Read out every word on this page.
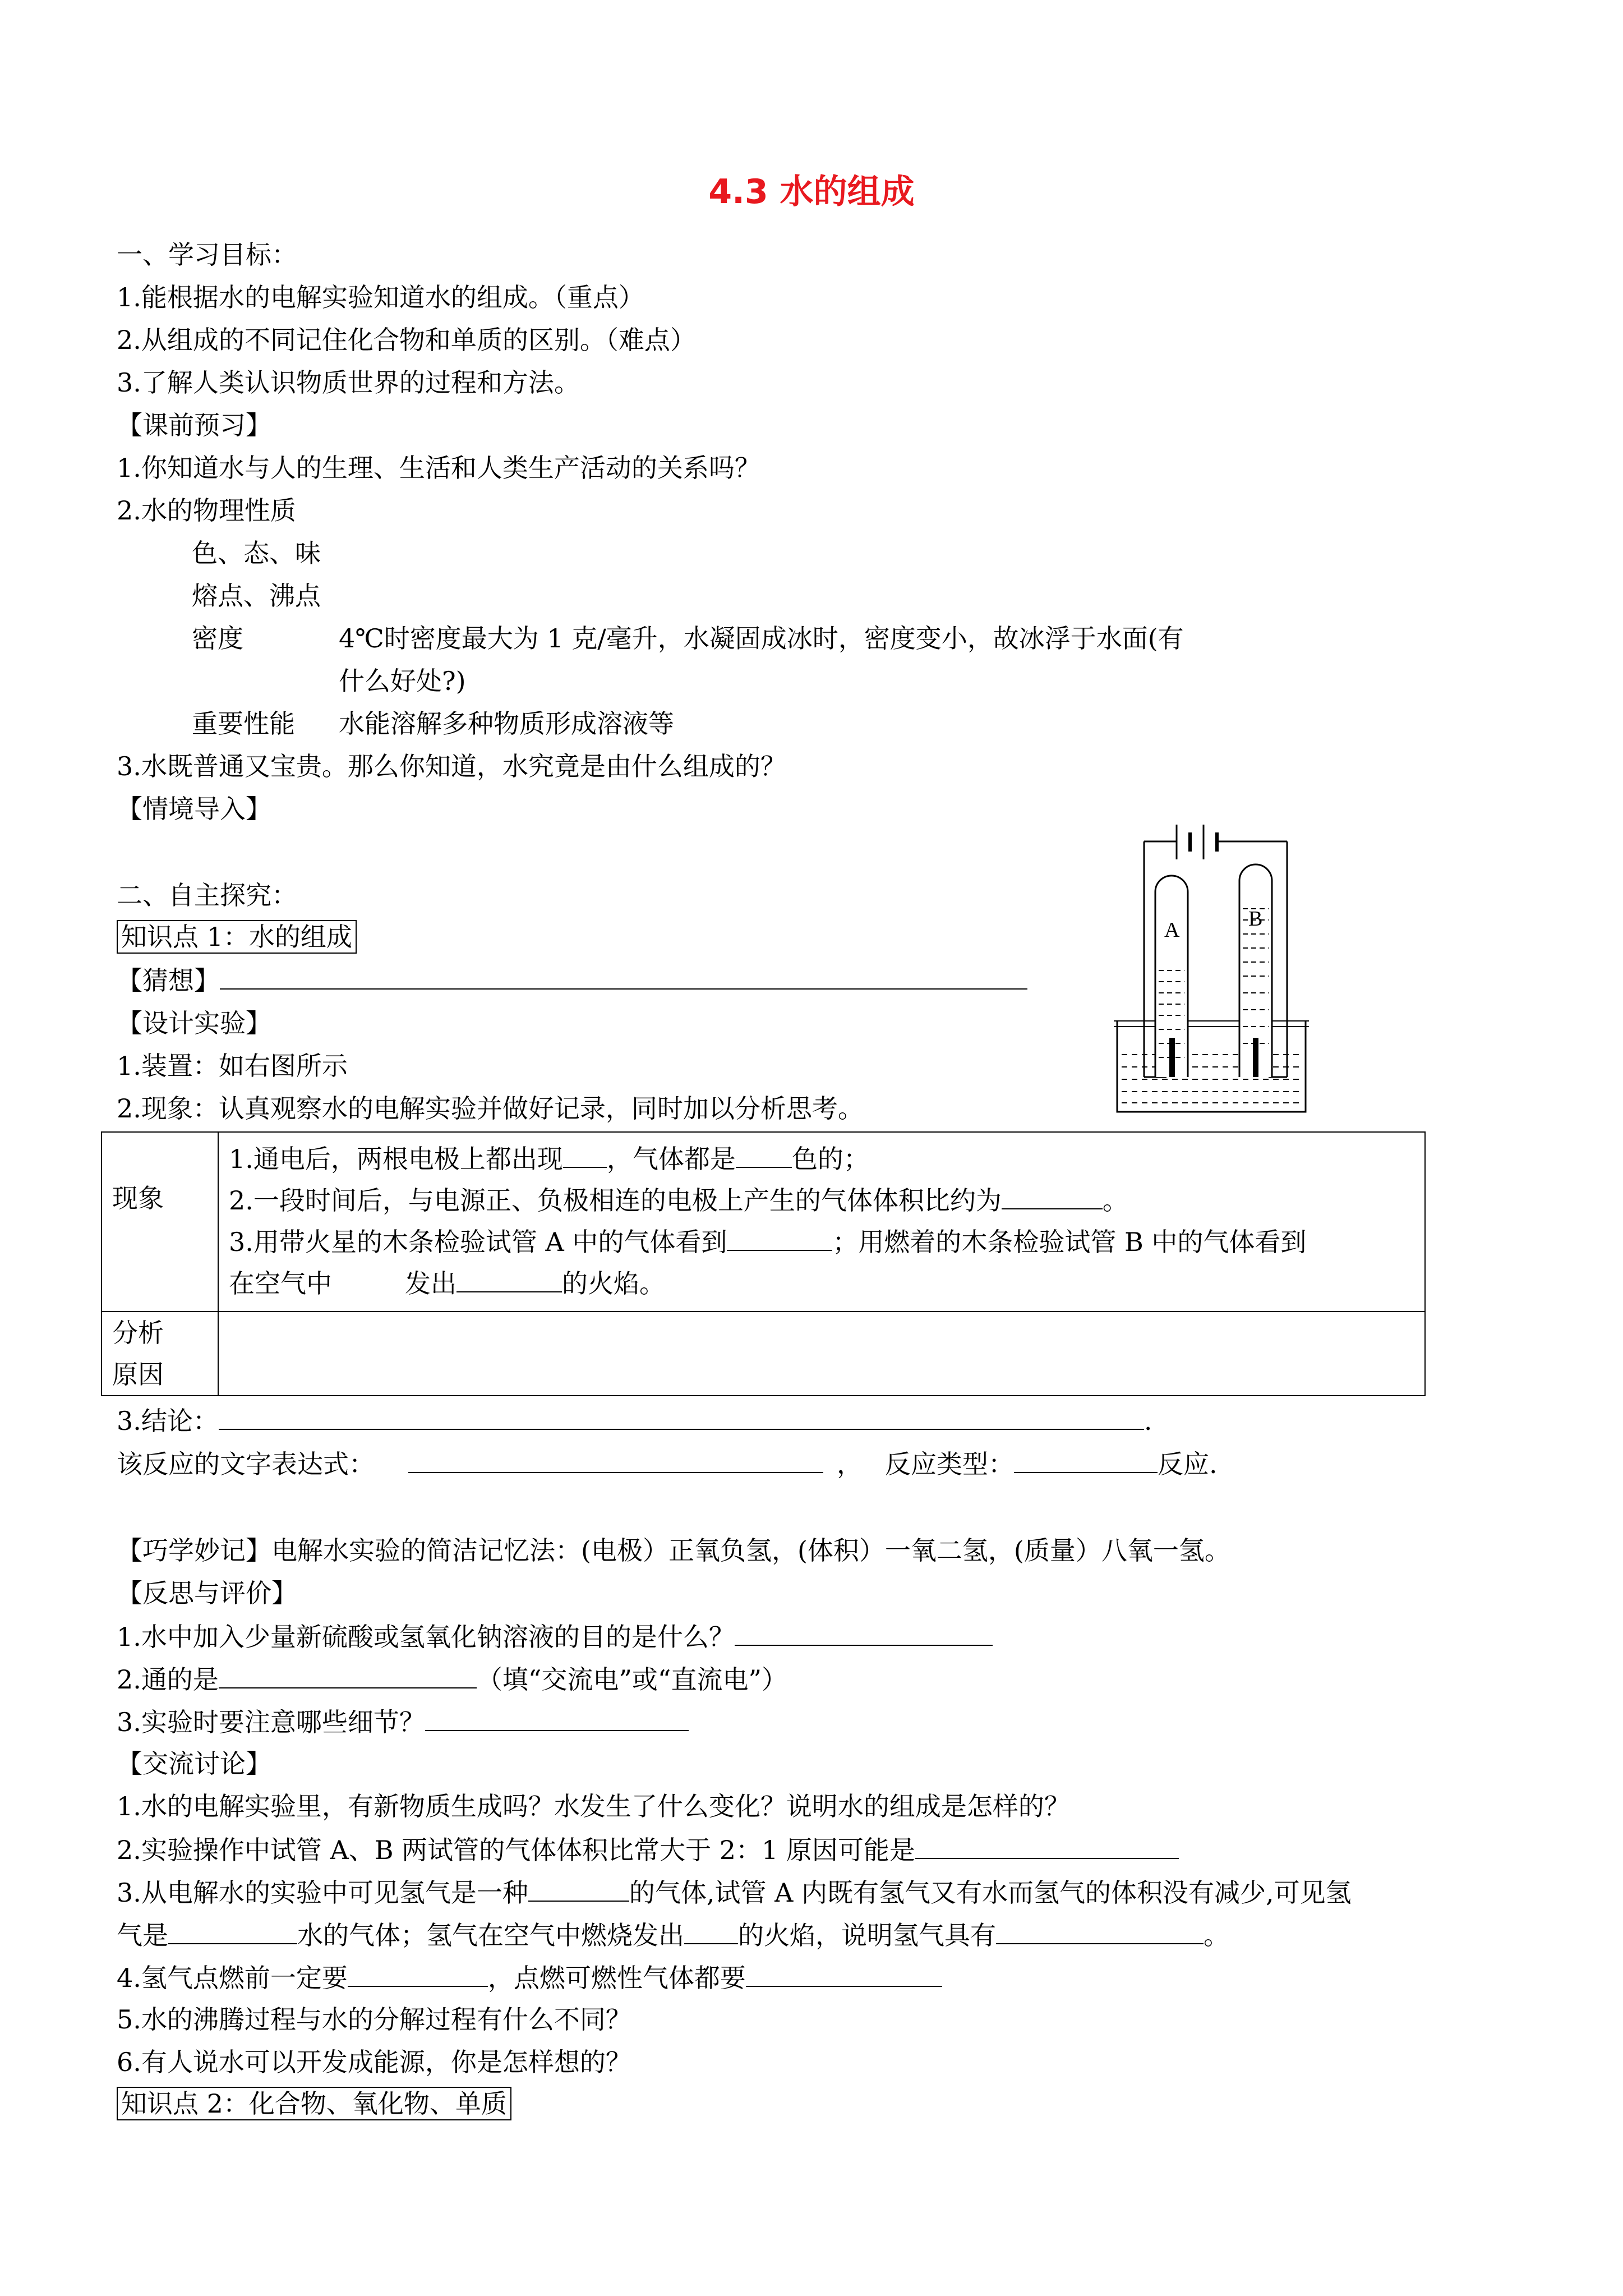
4.3 水的组成
一、学习目标：
1.能根据水的电解实验知道水的组成。（重点）
2.从组成的不同记住化合物和单质的区别。（难点）
3.了解人类认识物质世界的过程和方法。
【课前预习】
1.你知道水与人的生理、生活和人类生产活动的关系吗？
2.水的物理性质
色、态、味
熔点、沸点
密度	4℃时密度最大为 1 克/毫升，水凝固成冰时，密度变小，故冰浮于水面(有
什么好处?)
重要性能 水能溶解多种物质形成溶液等
3.水既普通又宝贵。那么你知道，水究竟是由什么组成的？
【情境导入】
二、自主探究：
知识点 1：水的组成
【猜想】
【设计实验】
1.装置：如右图所示
2.现象：认真观察水的电解实验并做好记录，同时加以分析思考。
A	B
现象	1.通电后，两根电极上都出现 ，气体都是 色的；
2.一段时间后，与电源正、负极相连的电极上产生的气体体积比约为 。
3.用带火星的木条检验试管 A 中的气体看到 ；用燃着的木条检验试管 B 中的气体看到
在空气中 发出 的火焰。

分析
原因	

3.结论：	.
该反应的文字表达式：	， 反应类型：	反应.
【巧学妙记】电解水实验的简洁记忆法：(电极）正氧负氢，(体积）一氧二氢，(质量）八氧一氢。
【反思与评价】
1.水中加入少量新硫酸或氢氧化钠溶液的目的是什么？
2.通的是	（填“交流电”或“直流电”）
3.实验时要注意哪些细节？
【交流讨论】
1.水的电解实验里，有新物质生成吗？水发生了什么变化？说明水的组成是怎样的？
2.实验操作中试管 A、B 两试管的气体体积比常大于 2：1 原因可能是
3.从电解水的实验中可见氢气是一种	的气体,试管 A 内既有氢气又有水而氢气的体积没有减少,可见氢
气是	水的气体；氢气在空气中燃烧发出 的火焰，说明氢气具有	。
4.氢气点燃前一定要	，点燃可燃性气体都要
5.水的沸腾过程与水的分解过程有什么不同？
6.有人说水可以开发成能源，你是怎样想的？
知识点 2：化合物、氧化物、单质
